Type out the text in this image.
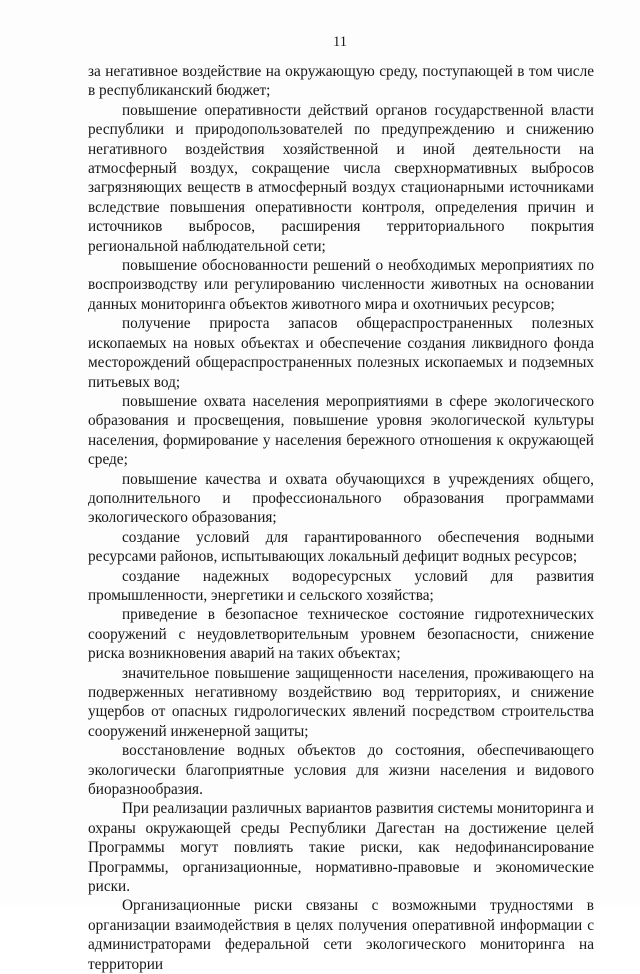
11

за негативное воздействие на окружающую среду, поступающей в том числе в республиканский бюджет;

повышение оперативности действий органов государственной власти республики и природопользователей по предупреждению и снижению негативного воздействия хозяйственной и иной деятельности на атмосферный воздух, сокращение числа сверхнормативных выбросов загрязняющих веществ в атмосферный воздух стационарными источниками вследствие повышения оперативности контроля, определения причин и источников выбросов, расширения территориального покрытия региональной наблюдательной сети;

повышение обоснованности решений о необходимых мероприятиях по воспроизводству или регулированию численности животных на основании данных мониторинга объектов животного мира и охотничьих ресурсов;

получение прироста запасов общераспространенных полезных ископаемых на новых объектах и обеспечение создания ликвидного фонда месторождений общераспространенных полезных ископаемых и подземных питьевых вод;

повышение охвата населения мероприятиями в сфере экологического образования и просвещения, повышение уровня экологической культуры населения, формирование у населения бережного отношения к окружающей среде;

повышение качества и охвата обучающихся в учреждениях общего, дополнительного и профессионального образования программами экологического образования;

создание условий для гарантированного обеспечения водными ресурсами районов, испытывающих локальный дефицит водных ресурсов;

создание надежных водоресурсных условий для развития промышленности, энергетики и сельского хозяйства;

приведение в безопасное техническое состояние гидротехнических сооружений с неудовлетворительным уровнем безопасности, снижение риска возникновения аварий на таких объектах;

значительное повышение защищенности населения, проживающего на подверженных негативному воздействию вод территориях, и снижение ущербов от опасных гидрологических явлений посредством строительства сооружений инженерной защиты;

восстановление водных объектов до состояния, обеспечивающего экологически благоприятные условия для жизни населения и видового биоразнообразия.

При реализации различных вариантов развития системы мониторинга и охраны окружающей среды Республики Дагестан на достижение целей Программы могут повлиять такие риски, как недофинансирование Программы, организационные, нормативно-правовые и экономические риски.

Организационные риски связаны с возможными трудностями в организации взаимодействия в целях получения оперативной информации с администраторами федеральной сети экологического мониторинга на территории
